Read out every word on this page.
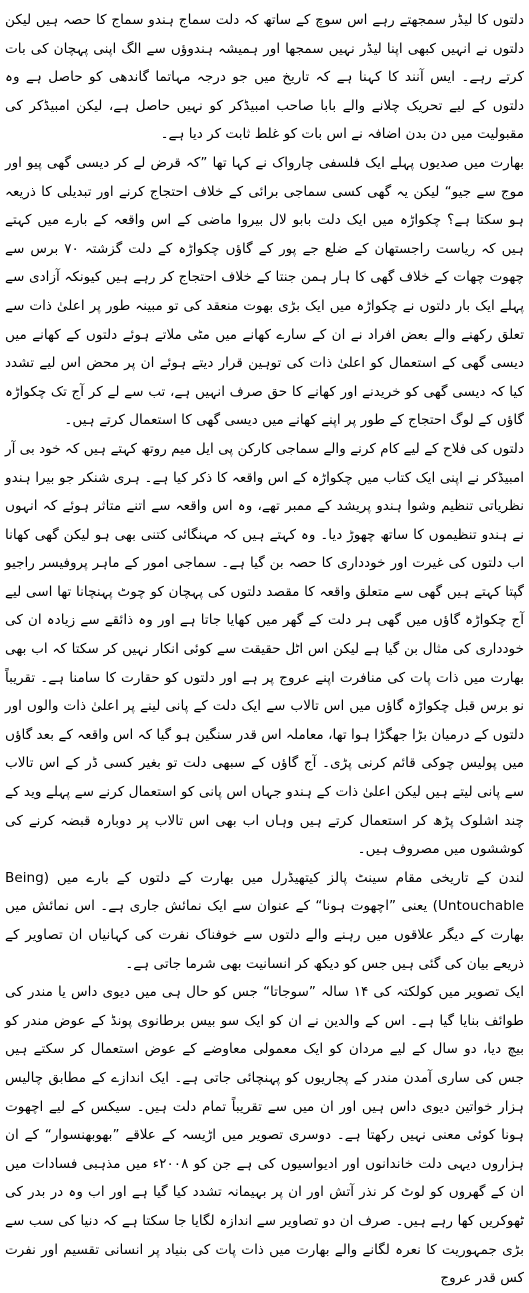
دلتوں کا لیڈر سمجھتے رہے اس سوچ کے ساتھ کہ دلت سماج ہندو سماج کا حصہ ہیں لیکن دلتوں نے انہیں کبھی اپنا لیڈر نہیں سمجھا اور ہمیشہ ہندوؤں سے الگ اپنی پہچان کی بات کرتے رہے۔ ایس آنند کا کہنا ہے کہ تاریخ میں جو درجہ مہاتما گاندھی کو حاصل ہے وہ دلتوں کے لیے تحریک چلانے والے بابا صاحب امبیڈکر کو نہیں حاصل ہے، لیکن امبیڈکر کی مقبولیت میں دن بدن اضافہ نے اس بات کو غلط ثابت کر دیا ہے۔

بھارت میں صدیوں پہلے ایک فلسفی چارواک نے کہا تھا ”کہ قرض لے کر دیسی گھی پیو اور موج سے جیو“ لیکن یہ گھی کسی سماجی برائی کے خلاف احتجاج کرنے اور تبدیلی کا ذریعہ ہو سکتا ہے؟ چکواڑہ میں ایک دلت بابو لال بیروا ماضی کے اس واقعہ کے بارے میں کہتے ہیں کہ ریاست راجستھان کے ضلع جے پور کے گاؤں چکواڑہ کے دلت گزشتہ ۷۰ برس سے چھوت چھات کے خلاف گھی کا ہار ہمن جنتا کے خلاف احتجاج کر رہے ہیں کیونکہ آزادی سے پہلے ایک بار دلتوں نے چکواڑہ میں ایک بڑی بھوت منعقد کی تو مبینہ طور پر اعلیٰ ذات سے تعلق رکھنے والے بعض افراد نے ان کے سارے کھانے میں مٹی ملاتے ہوئے دلتوں کے کھانے میں دیسی گھی کے استعمال کو اعلیٰ ذات کی توہین قرار دیتے ہوئے ان پر محض اس لیے تشدد کیا کہ دیسی گھی کو خریدنے اور کھانے کا حق صرف انہیں ہے، تب سے لے کر آج تک چکواڑہ گاؤں کے لوگ احتجاج کے طور پر اپنے کھانے میں دیسی گھی کا استعمال کرتے ہیں۔

دلتوں کی فلاح کے لیے کام کرنے والے سماجی کارکن پی ایل میم روتھ کہتے ہیں کہ خود بی آر امبیڈکر نے اپنی ایک کتاب میں چکواڑہ کے اس واقعہ کا ذکر کیا ہے۔ ہری شنکر جو بیرا ہندو نظریاتی تنظیم وشوا ہندو پریشد کے ممبر تھے، وہ اس واقعہ سے اتنے متاثر ہوئے کہ انہوں نے ہندو تنظیموں کا ساتھ چھوڑ دیا۔ وہ کہتے ہیں کہ مہنگائی کتنی بھی ہو لیکن گھی کھانا اب دلتوں کی غیرت اور خودداری کا حصہ بن گیا ہے۔ سماجی امور کے ماہر پروفیسر راجیو گپتا کہتے ہیں گھی سے متعلق واقعہ کا مقصد دلتوں کی پہچان کو چوٹ پہنچانا تھا اسی لیے آج چکواڑہ گاؤں میں گھی ہر دلت کے گھر میں کھایا جاتا ہے اور وہ ذائقے سے زیادہ ان کی خودداری کی مثال بن گیا ہے لیکن اس اٹل حقیقت سے کوئی انکار نہیں کر سکتا کہ اب بھی بھارت میں ذات پات کی منافرت اپنے عروج پر ہے اور دلتوں کو حقارت کا سامنا ہے۔ تقریباً نو برس قبل چکواڑہ گاؤں میں اس تالاب سے ایک دلت کے پانی لینے پر اعلیٰ ذات والوں اور دلتوں کے درمیان بڑا جھگڑا ہوا تھا، معاملہ اس قدر سنگین ہو گیا کہ اس واقعہ کے بعد گاؤں میں پولیس چوکی قائم کرنی پڑی۔ آج گاؤں کے سبھی دلت تو بغیر کسی ڈر کے اس تالاب سے پانی لیتے ہیں لیکن اعلیٰ ذات کے ہندو جہاں اس پانی کو استعمال کرنے سے پہلے وید کے چند اشلوک پڑھ کر استعمال کرتے ہیں وہاں اب بھی اس تالاب پر دوبارہ قبضہ کرنے کی کوششوں میں مصروف ہیں۔

لندن کے تاریخی مقام سینٹ پالز کیتھیڈرل میں بھارت کے دلتوں کے بارے میں (Being Untouchable) یعنی ”اچھوت ہونا“ کے عنوان سے ایک نمائش جاری ہے۔ اس نمائش میں بھارت کے دیگر علاقوں میں رہنے والے دلتوں سے خوفناک نفرت کی کہانیاں ان تصاویر کے ذریعے بیان کی گئی ہیں جس کو دیکھ کر انسانیت بھی شرما جاتی ہے۔

ایک تصویر میں کولکتہ کی ۱۴ سالہ ”سوجاتا“ جس کو حال ہی میں دیوی داس یا مندر کی طوائف بنایا گیا ہے۔ اس کے والدین نے ان کو ایک سو بیس برطانوی پونڈ کے عوض مندر کو بیچ دیا، دو سال کے لیے مردان کو ایک معمولی معاوضے کے عوض استعمال کر سکتے ہیں جس کی ساری آمدن مندر کے پجاریوں کو پہنچائی جاتی ہے۔ ایک اندازے کے مطابق چالیس ہزار خواتین دیوی داس ہیں اور ان میں سے تقریباً تمام دلت ہیں۔ سیکس کے لیے اچھوت ہونا کوئی معنی نہیں رکھتا ہے۔ دوسری تصویر میں اڑیسہ کے علاقے ”بھوبھنسوار“ کے ان ہزاروں دیہی دلت خاندانوں اور ادیواسیوں کی ہے جن کو ۲۰۰۸ء میں مذہبی فسادات میں ان کے گھروں کو لوٹ کر نذر آتش اور ان پر بہیمانہ تشدد کیا گیا ہے اور اب وہ در بدر کی ٹھوکریں کھا رہے ہیں۔ صرف ان دو تصاویر سے اندازہ لگایا جا سکتا ہے کہ دنیا کی سب سے بڑی جمہوریت کا نعرہ لگانے والے بھارت میں ذات پات کی بنیاد پر انسانی تقسیم اور نفرت کس قدر عروج
